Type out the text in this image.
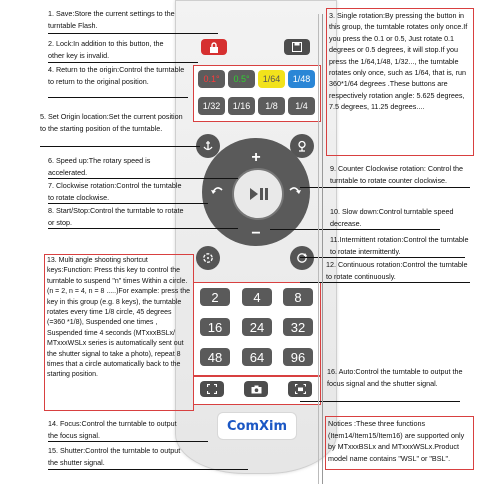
0.1°	0.5°	1/64	1/48
1/32	1/16	1/8	1/4
+
−
2	4	8
16	24	32
48	64	96
ComXim
1. Save:Store the current settings to the turntable Flash.
2. Lock:In addition to this button, the other key is invalid.
4. Return to the origin:Control the turntable to return to the original position.
5. Set Origin location:Set the current position to the starting position of the turntable.
6. Speed up:The rotary speed is accelerated.
7. Clockwise rotation:Control the turntable to rotate clockwise.
8. Start/Stop:Control the turntable to rotate or stop.
13. Multi angle shooting shortcut keys:Function: Press this key to control the turntable to suspend "n" times Within a circle. (n = 2, n = 4, n = 8 .....)For example: press the key in this group (e.g. 8 keys), the turntable rotates every time 1/8 circle, 45 degrees (=360 *1/8), Suspended one times , Suspended time 4 seconds (MTxxxBSLx/ MTxxxWSLx series is automatically sent out the shutter signal to take a photo), repeat 8 times that a circle automatically back to the starting position.
14. Focus:Control the turntable to output the focus signal.
15. Shutter:Control the turntable to output the shutter signal.
3. Single rotation:By pressing the button in this group, the turntable rotates only once.If you press the 0.1 or 0.5, Just rotate 0.1 degrees or 0.5 degrees, it will stop.If you press the 1/64,1/48, 1/32..., the turntable rotates only once, such as 1/64, that is, run 360*1/64 degrees .These buttons are respectively rotation angle: 5.625 degrees, 7.5 degrees, 11.25 degrees....
9. Counter Clockwise rotation: Control the turntable to rotate counter clockwise.
10. Slow down:Control turntable speed decrease.
11.Intermittent rotation:Control the turntable to rotate intermittently.
12. Continuous rotation:Control the turntable to rotate continuously.
16. Auto:Control the turntable to output the focus signal and the shutter signal.
Notices :These three functions (Item14/Item15/Item16) are supported only by MTxxxBSLx and MTxxxWSLx.Product model name contains "WSL" or "BSL".
